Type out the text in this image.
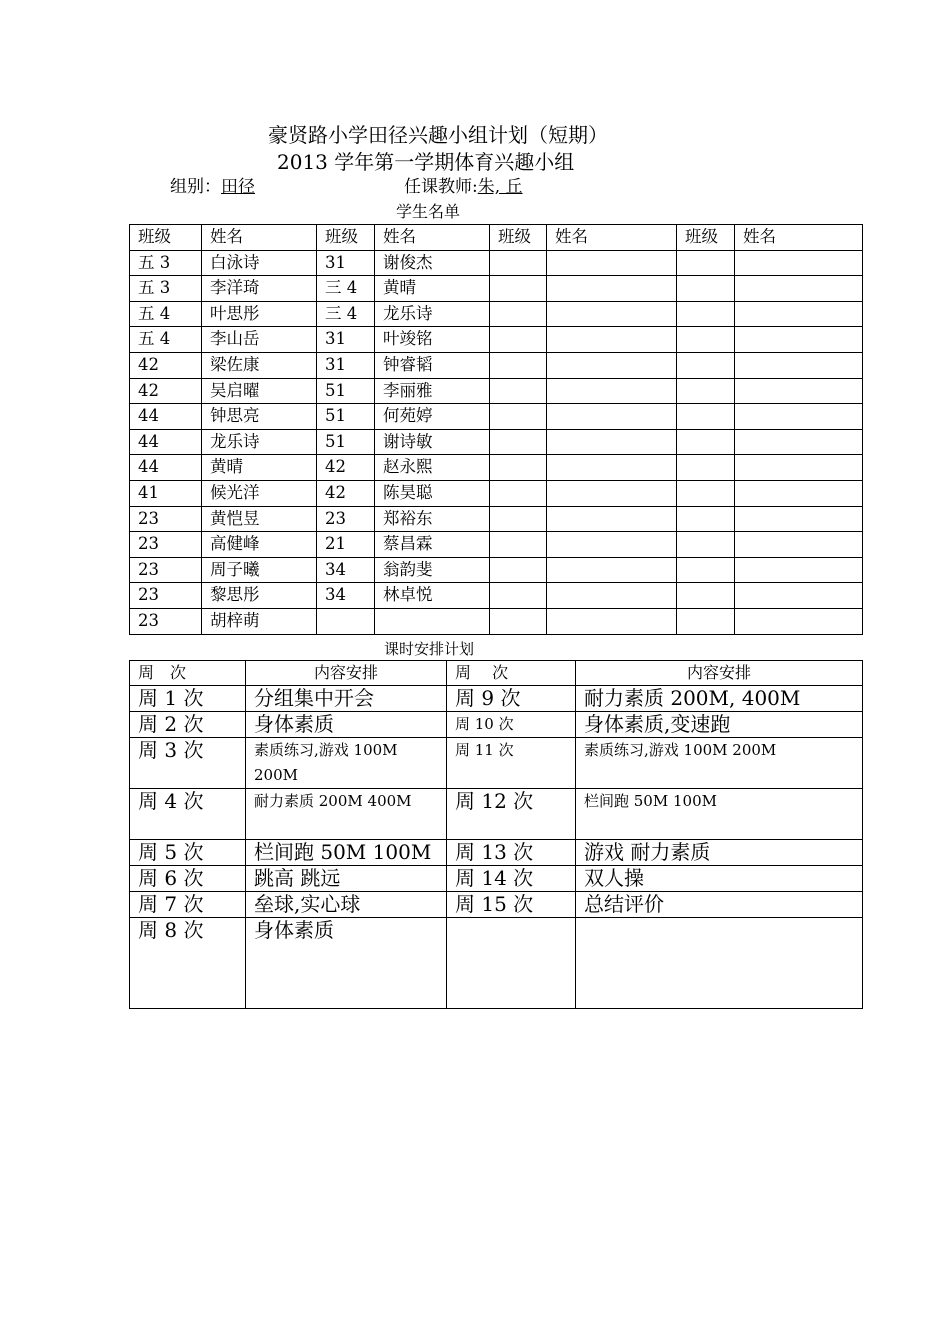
豪贤路小学田径兴趣小组计划（短期）
2013 学年第一学期体育兴趣小组
组别：田径	任课教师:朱, 丘
学生名单
班级	姓名	班级	姓名	班级	姓名	班级	姓名
五 3	白泳诗	31	谢俊杰				
五 3	李洋琦	三 4	黄晴				
五 4	叶思彤	三 4	龙乐诗				
五 4	李山岳	31	叶竣铭				
42	梁佐康	31	钟睿韬				
42	吴启曜	51	李丽雅				
44	钟思亮	51	何苑婷				
44	龙乐诗	51	谢诗敏				
44	黄晴	42	赵永熙				
41	候光洋	42	陈昊聪				
23	黄恺昱	23	郑裕东				
23	高健峰	21	蔡昌霖				
23	周子曦	34	翁韵斐				
23	黎思彤	34	林卓悦				
23	胡梓萌						
课时安排计划
周　次	内容安排	周　 次	内容安排
周 1 次	分组集中开会	周 9 次	耐力素质 200M, 400M
周 2 次	身体素质	周 10 次	身体素质,变速跑
周 3 次	素质练习,游戏 100M 200M	周 11 次	素质练习,游戏 100M 200M
周 4 次	耐力素质 200M 400M	周 12 次	栏间跑 50M 100M
周 5 次	栏间跑 50M 100M	周 13 次	游戏 耐力素质
周 6 次	跳高 跳远	周 14 次	双人操
周 7 次	垒球,实心球	周 15 次	总结评价
周 8 次	身体素质		
